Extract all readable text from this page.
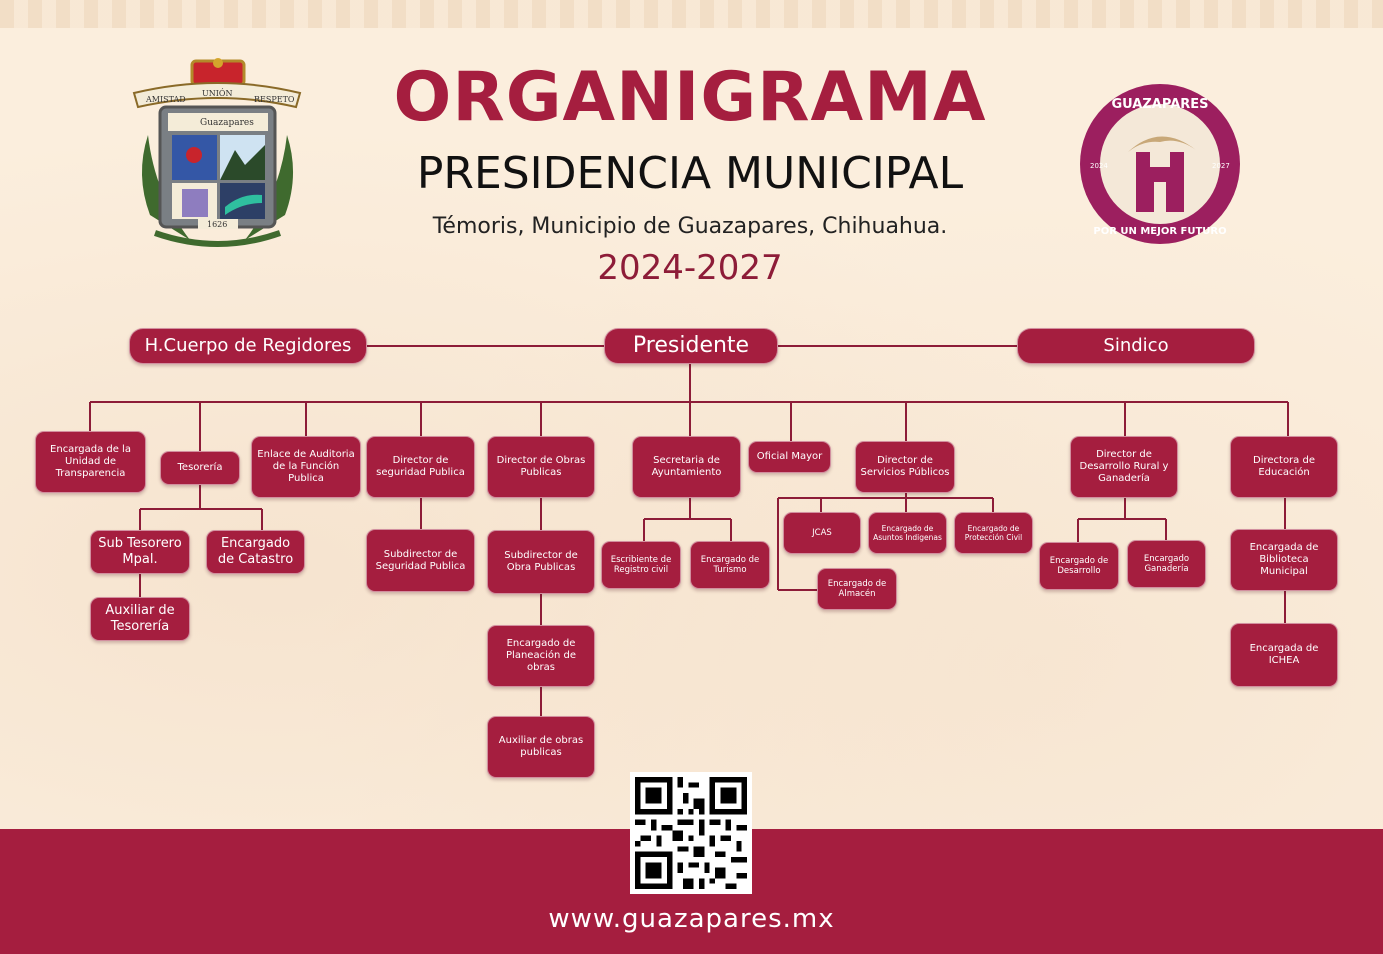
AMISTAD
UNIÓN
RESPETO
Guazapares
1626
ORGANIGRAMA
PRESIDENCIA MUNICIPAL
Témoris, Municipio de Guazapares, Chihuahua.
2024-2027
GUAZAPARES
POR UN MEJOR FUTURO
2024	2027
H.Cuerpo de Regidores	Presidente	Sindico
Encargada de la Unidad de Transparencia
Tesorería
Enlace de Auditoria de la Función Publica
Director de seguridad Publica
Director de Obras Publicas
Secretaria de Ayuntamiento
Oficial Mayor	Director de Servicios Públicos
Director de Desarrollo Rural y Ganadería
Directora de Educación
Sub Tesorero Mpal.
Encargado de Catastro
Auxiliar de Tesorería
Subdirector de Seguridad Publica
Subdirector de Obra Publicas
Encargado de Planeación de obras
Auxiliar de obras publicas
Escribiente de Registro civil
Encargado de Turismo
JCAS	Encargado de Asuntos Indigenas
Encargado de Protección Civil
Encargado de Almacén
Encargado de Desarrollo
Encargado Ganadería
Encargada de Biblioteca Municipal
Encargada de ICHEA
www.guazapares.mx
